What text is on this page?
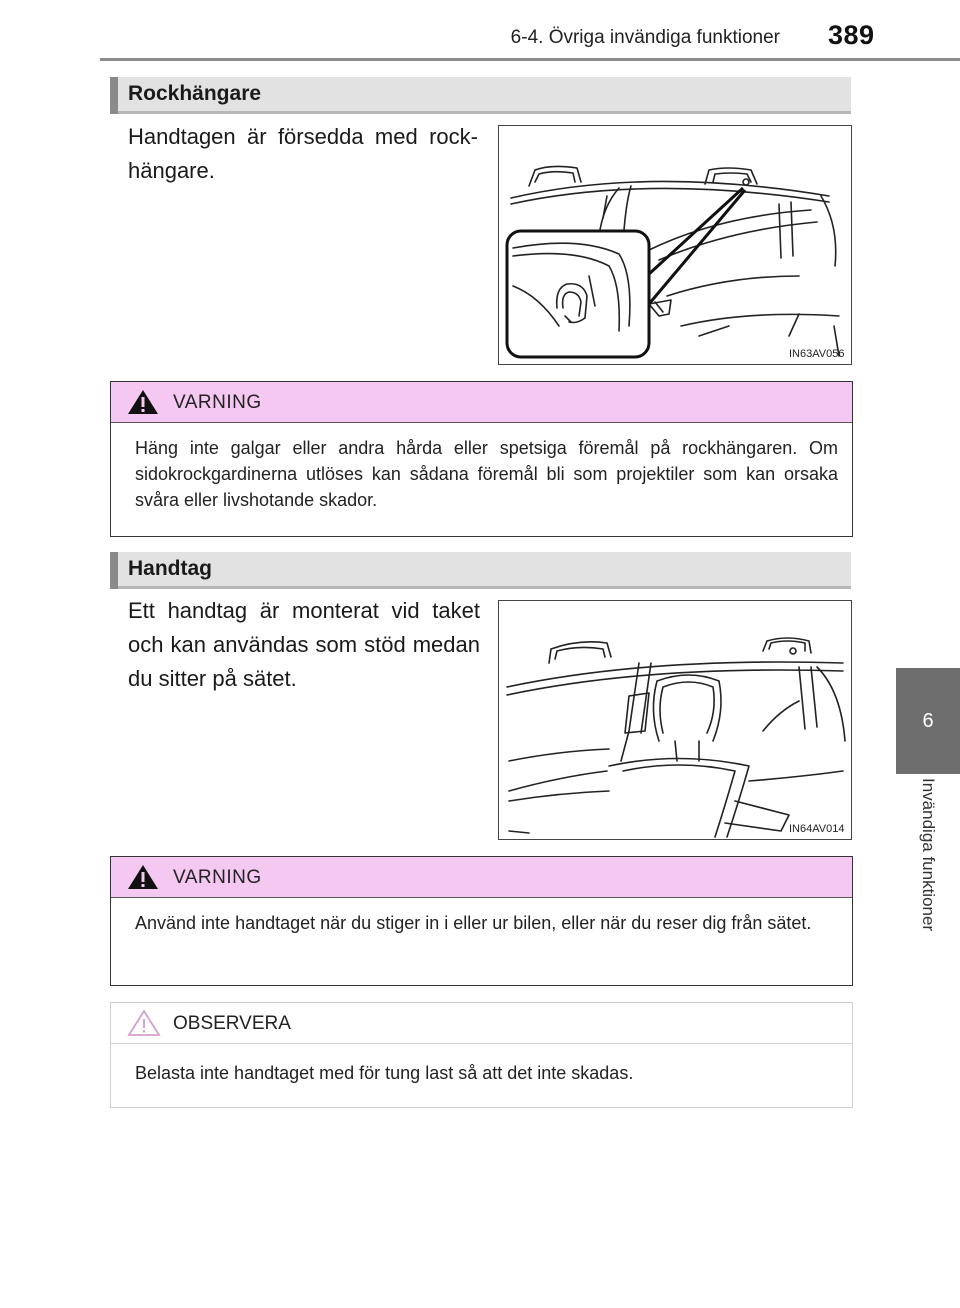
6-4. Övriga invändiga funktioner 389
6
Invändiga funktioner
Rockhängare
Handtagen är försedda med rock-hängare.
IN63AV056
VARNING
Häng inte galgar eller andra hårda eller spetsiga föremål på rockhängaren. Om sidokrockgardinerna utlöses kan sådana föremål bli som projektiler som kan orsaka svåra eller livshotande skador.
Handtag
Ett handtag är monterat vid taket och kan användas som stöd medan du sitter på sätet.
IN64AV014
VARNING
Använd inte handtaget när du stiger in i eller ur bilen, eller när du reser dig från sätet.
OBSERVERA
Belasta inte handtaget med för tung last så att det inte skadas.
